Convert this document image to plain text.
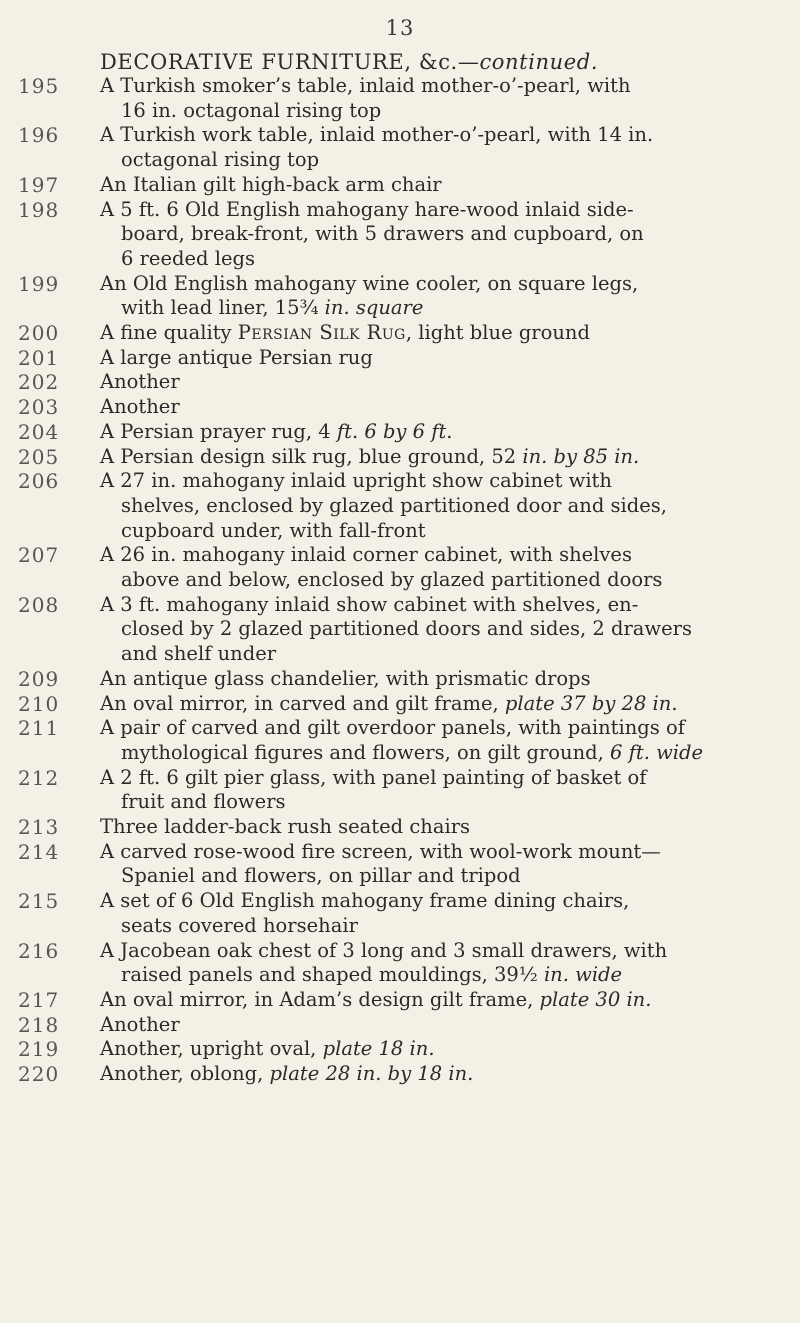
13
DECORATIVE FURNITURE, &c.—continued.
195	A Turkish smoker’s table, inlaid mother-o’-pearl, with
16 in. octagonal rising top
196	A Turkish work table, inlaid mother-o’-pearl, with 14 in.
octagonal rising top
197	An Italian gilt high-back arm chair
198	A 5 ft. 6 Old English mahogany hare-wood inlaid side-
board, break-front, with 5 drawers and cupboard, on
6 reeded legs
199	An Old English mahogany wine cooler, on square legs,
with lead liner, 15¾ in. square
200	A fine quality Persian Silk Rug, light blue ground
201	A large antique Persian rug
202	Another
203	Another
204	A Persian prayer rug, 4 ft. 6 by 6 ft.
205	A Persian design silk rug, blue ground, 52 in. by 85 in.
206	A 27 in. mahogany inlaid upright show cabinet with
shelves, enclosed by glazed partitioned door and sides,
cupboard under, with fall-front
207	A 26 in. mahogany inlaid corner cabinet, with shelves
above and below, enclosed by glazed partitioned doors
208	A 3 ft. mahogany inlaid show cabinet with shelves, en-
closed by 2 glazed partitioned doors and sides, 2 drawers
and shelf under
209	An antique glass chandelier, with prismatic drops
210	An oval mirror, in carved and gilt frame, plate 37 by 28 in.
211	A pair of carved and gilt overdoor panels, with paintings of
mythological figures and flowers, on gilt ground, 6 ft. wide
212	A 2 ft. 6 gilt pier glass, with panel painting of basket of
fruit and flowers
213	Three ladder-back rush seated chairs
214	A carved rose-wood fire screen, with wool-work mount—
Spaniel and flowers, on pillar and tripod
215	A set of 6 Old English mahogany frame dining chairs,
seats covered horsehair
216	A Jacobean oak chest of 3 long and 3 small drawers, with
raised panels and shaped mouldings, 39½ in. wide
217	An oval mirror, in Adam’s design gilt frame, plate 30 in.
218	Another
219	Another, upright oval, plate 18 in.
220	Another, oblong, plate 28 in. by 18 in.
